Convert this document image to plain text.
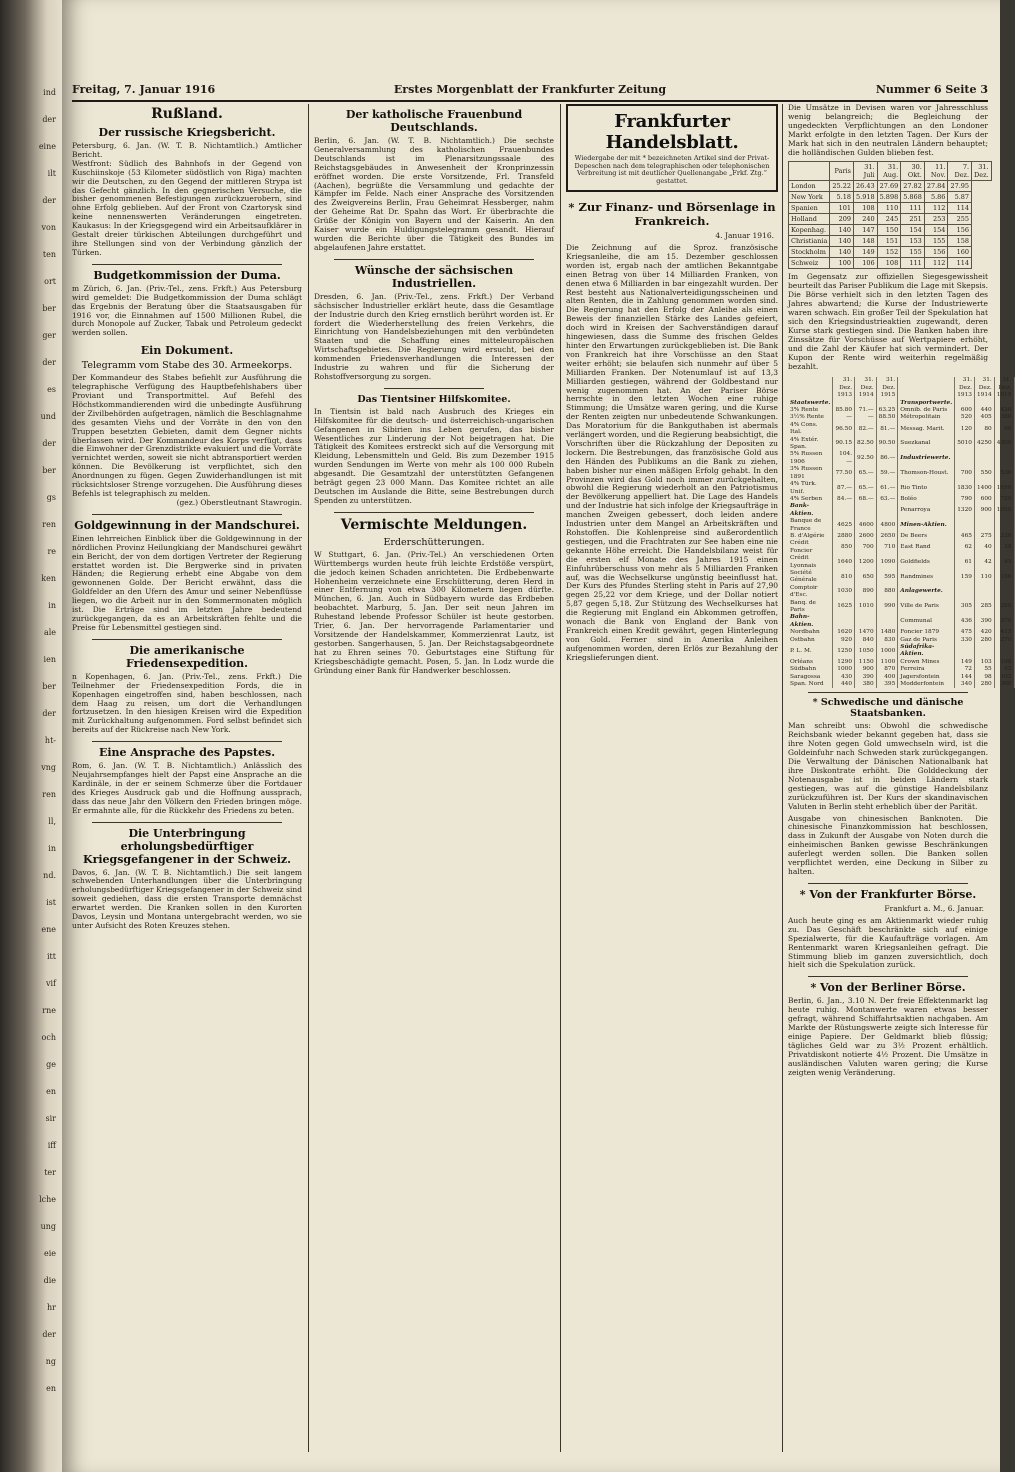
ind
der
eine
ilt
der
von
ten
ort
ber
ger
der
es
und
der
ber
gs
ren
re
ken
in
ale
ien
ber
der
ht-
vng
ren
ll,
in
nd.
ist
ene
itt
vif
rne
och
ge
en
sir
iff
ter
lche
ung
eie
die
hr
der
ng
en
Freitag, 7. Januar 1916	Erstes Morgenblatt der Frankfurter Zeitung	Nummer 6 Seite 3
Rußland.
Der russische Kriegsbericht.
Petersburg, 6. Jan. (W. T. B. Nichtamtlich.) Amtlicher Bericht.
Westfront: Südlich des Bahnhofs in der Gegend von Kuschiinskoje (53 Kilometer südöstlich von Riga) machten wir die Deutschen, zu den Gegend der mittleren Strypa ist das Gefecht gänzlich. In den gegnerischen Versuche, die bisher genommenen Befestigungen zurückzuerobern, sind ohne Erfolg geblieben. Auf der Front von Czartorysk sind keine nennenswerten Veränderungen eingetreten. Kaukasus: In der Kriegsgegend wird ein Arbeitsaufklärer in Gestalt dreier türkischen Abteilungen durchgeführt und ihre Stellungen sind von der Verbindung gänzlich der Türken.
Budgetkommission der Duma.
m Zürich, 6. Jan. (Priv.-Tel., zens. Frkft.) Aus Petersburg wird gemeldet: Die Budgetkommission der Duma schlägt das Ergebnis der Beratung über die Staatsausgaben für 1916 vor, die Einnahmen auf 1500 Millionen Rubel, die durch Monopole auf Zucker, Tabak und Petroleum gedeckt werden sollen.
Ein Dokument.
Telegramm vom Stabe des 30. Armeekorps.
Der Kommandeur des Stabes befiehlt zur Ausführung die telegraphische Verfügung des Hauptbefehlshabers über Proviant und Transportmittel. Auf Befehl des Höchstkommandierenden wird die unbedingte Ausführung der Zivilbehörden aufgetragen, nämlich die Beschlagnahme des gesamten Viehs und der Vorräte in den von den Truppen besetzten Gebieten, damit dem Gegner nichts überlassen wird. Der Kommandeur des Korps verfügt, dass die Einwohner der Grenzdistrikte evakuiert und die Vorräte vernichtet werden, soweit sie nicht abtransportiert werden können. Die Bevölkerung ist verpflichtet, sich den Anordnungen zu fügen. Gegen Zuwiderhandlungen ist mit rücksichtsloser Strenge vorzugehen. Die Ausführung dieses Befehls ist telegraphisch zu melden.
(gez.) Oberstleutnant Stawrogin.
Goldgewinnung in der Mandschurei.
Einen lehrreichen Einblick über die Goldgewinnung in der nördlichen Provinz Heilungkiang der Mandschurei gewährt ein Bericht, der von dem dortigen Vertreter der Regierung erstattet worden ist. Die Bergwerke sind in privaten Händen; die Regierung erhebt eine Abgabe von dem gewonnenen Golde. Der Bericht erwähnt, dass die Goldfelder an den Ufern des Amur und seiner Nebenflüsse liegen, wo die Arbeit nur in den Sommermonaten möglich ist. Die Erträge sind im letzten Jahre bedeutend zurückgegangen, da es an Arbeitskräften fehlte und die Preise für Lebensmittel gestiegen sind.
Die amerikanische Friedensexpedition.
n Kopenhagen, 6. Jan. (Priv.-Tel., zens. Frkft.) Die Teilnehmer der Friedensexpedition Fords, die in Kopenhagen eingetroffen sind, haben beschlossen, nach dem Haag zu reisen, um dort die Verhandlungen fortzusetzen. In den hiesigen Kreisen wird die Expedition mit Zurückhaltung aufgenommen. Ford selbst befindet sich bereits auf der Rückreise nach New York.
Eine Ansprache des Papstes.
Rom, 6. Jan. (W. T. B. Nichtamtlich.) Anlässlich des Neujahrsempfanges hielt der Papst eine Ansprache an die Kardinäle, in der er seinem Schmerze über die Fortdauer des Krieges Ausdruck gab und die Hoffnung aussprach, dass das neue Jahr den Völkern den Frieden bringen möge. Er ermahnte alle, für die Rückkehr des Friedens zu beten.
Die Unterbringung erholungsbedürftiger Kriegsgefangener in der Schweiz.
Davos, 6. Jan. (W. T. B. Nichtamtlich.) Die seit langem schwebenden Unterhandlungen über die Unterbringung erholungsbedürftiger Kriegsgefangener in der Schweiz sind soweit gediehen, dass die ersten Transporte demnächst erwartet werden. Die Kranken sollen in den Kurorten Davos, Leysin und Montana untergebracht werden, wo sie unter Aufsicht des Roten Kreuzes stehen.
Der katholische Frauenbund Deutschlands.
Berlin, 6. Jan. (W. T. B. Nichtamtlich.) Die sechste Generalversammlung des katholischen Frauenbundes Deutschlands ist im Plenarsitzungssaale des Reichstagsgebäudes in Anwesenheit der Kronprinzessin eröffnet worden. Die erste Vorsitzende, Frl. Transfeld (Aachen), begrüßte die Versammlung und gedachte der Kämpfer im Felde. Nach einer Ansprache des Vorsitzenden des Zweigvereins Berlin, Frau Geheimrat Hessberger, nahm der Geheime Rat Dr. Spahn das Wort. Er überbrachte die Grüße der Königin von Bayern und der Kaiserin. An den Kaiser wurde ein Huldigungstelegramm gesandt. Hierauf wurden die Berichte über die Tätigkeit des Bundes im abgelaufenen Jahre erstattet.
Wünsche der sächsischen Industriellen.
Dresden, 6. Jan. (Priv.-Tel., zens. Frkft.) Der Verband sächsischer Industrieller erklärt heute, dass die Gesamtlage der Industrie durch den Krieg ernstlich berührt worden ist. Er fordert die Wiederherstellung des freien Verkehrs, die Einrichtung von Handelsbeziehungen mit den verbündeten Staaten und die Schaffung eines mitteleuropäischen Wirtschaftsgebietes. Die Regierung wird ersucht, bei den kommenden Friedensverhandlungen die Interessen der Industrie zu wahren und für die Sicherung der Rohstoffversorgung zu sorgen.
Das Tientsiner Hilfskomitee.
In Tientsin ist bald nach Ausbruch des Krieges ein Hilfskomitee für die deutsch- und österreichisch-ungarischen Gefangenen in Sibirien ins Leben gerufen, das bisher Wesentliches zur Linderung der Not beigetragen hat. Die Tätigkeit des Komitees erstreckt sich auf die Versorgung mit Kleidung, Lebensmitteln und Geld. Bis zum Dezember 1915 wurden Sendungen im Werte von mehr als 100 000 Rubeln abgesandt. Die Gesamtzahl der unterstützten Gefangenen beträgt gegen 23 000 Mann. Das Komitee richtet an alle Deutschen im Auslande die Bitte, seine Bestrebungen durch Spenden zu unterstützen.
Vermischte Meldungen.
Erderschütterungen.
W Stuttgart, 6. Jan. (Priv.-Tel.) An verschiedenen Orten Württembergs wurden heute früh leichte Erdstöße verspürt, die jedoch keinen Schaden anrichteten. Die Erdbebenwarte Hohenheim verzeichnete eine Erschütterung, deren Herd in einer Entfernung von etwa 300 Kilometern liegen dürfte. München, 6. Jan. Auch in Südbayern wurde das Erdbeben beobachtet. Marburg, 5. Jan. Der seit neun Jahren im Ruhestand lebende Professor Schüler ist heute gestorben. Trier, 6. Jan. Der hervorragende Parlamentarier und Vorsitzende der Handelskammer, Kommerzienrat Lautz, ist gestorben. Sangerhausen, 5. Jan. Der Reichstagsabgeordnete hat zu Ehren seines 70. Geburtstages eine Stiftung für Kriegsbeschädigte gemacht. Posen, 5. Jan. In Lodz wurde die Gründung einer Bank für Handwerker beschlossen.
Frankfurter Handelsblatt.
Wiedergabe der mit * bezeichneten Artikel sind der Privat-Depeschen nach dem telegraphischen oder telephonischen Verbreitung ist mit deutlicher Quellenangabe „Frkf. Ztg.“ gestattet.
* Zur Finanz- und Börsenlage in Frankreich.
4. Januar 1916.
Die Zeichnung auf die Sproz. französische Kriegsanleihe, die am 15. Dezember geschlossen worden ist, ergab nach der amtlichen Bekanntgabe einen Betrag von über 14 Milliarden Franken, von denen etwa 6 Milliarden in bar eingezahlt wurden. Der Rest besteht aus Nationalverteidigungsscheinen und alten Renten, die in Zahlung genommen worden sind. Die Regierung hat den Erfolg der Anleihe als einen Beweis der finanziellen Stärke des Landes gefeiert, doch wird in Kreisen der Sachverständigen darauf hingewiesen, dass die Summe des frischen Geldes hinter den Erwartungen zurückgeblieben ist. Die Bank von Frankreich hat ihre Vorschüsse an den Staat weiter erhöht; sie belaufen sich nunmehr auf über 5 Milliarden Franken. Der Notenumlauf ist auf 13,3 Milliarden gestiegen, während der Goldbestand nur wenig zugenommen hat. An der Pariser Börse herrschte in den letzten Wochen eine ruhige Stimmung; die Umsätze waren gering, und die Kurse der Renten zeigten nur unbedeutende Schwankungen. Das Moratorium für die Bankguthaben ist abermals verlängert worden, und die Regierung beabsichtigt, die Vorschriften über die Rückzahlung der Depositen zu lockern. Die Bestrebungen, das französische Gold aus den Händen des Publikums an die Bank zu ziehen, haben bisher nur einen mäßigen Erfolg gehabt. In den Provinzen wird das Gold noch immer zurückgehalten, obwohl die Regierung wiederholt an den Patriotismus der Bevölkerung appelliert hat. Die Lage des Handels und der Industrie hat sich infolge der Kriegsaufträge in manchen Zweigen gebessert, doch leiden andere Industrien unter dem Mangel an Arbeitskräften und Rohstoffen. Die Kohlenpreise sind außerordentlich gestiegen, und die Frachtraten zur See haben eine nie gekannte Höhe erreicht. Die Handelsbilanz weist für die ersten elf Monate des Jahres 1915 einen Einfuhrüberschuss von mehr als 5 Milliarden Franken auf, was die Wechselkurse ungünstig beeinflusst hat. Der Kurs des Pfundes Sterling steht in Paris auf 27,90 gegen 25,22 vor dem Kriege, und der Dollar notiert 5,87 gegen 5,18. Zur Stützung des Wechselkurses hat die Regierung mit England ein Abkommen getroffen, wonach die Bank von England der Bank von Frankreich einen Kredit gewährt, gegen Hinterlegung von Gold. Ferner sind in Amerika Anleihen aufgenommen worden, deren Erlös zur Bezahlung der Kriegslieferungen dient.
Die Umsätze in Devisen waren vor Jahresschluss wenig belangreich; die Begleichung der ungedeckten Verpflichtungen an den Londoner Markt erfolgte in den letzten Tagen. Der Kurs der Mark hat sich in den neutralen Ländern behauptet; die holländischen Gulden blieben fest.
	Paris	31. Juli	31. Aug.	30. Okt.	11. Nov.	7. Dez.	31. Dez.
London	25.22	26.43	27.69	27.82	27.84	27.95	
New York	5.18	5.918	5.898	5.868	5.86	5.87	
Spanien	101	108	110	111	112	114	
Holland	209	240	245	251	253	255	
Kopenhag.	140	147	150	154	154	156	
Christiania	140	148	151	153	155	158	
Stockholm	140	149	152	155	156	160	
Schweiz	100	106	108	111	112	114	
Im Gegensatz zur offiziellen Siegesgewissheit beurteilt das Pariser Publikum die Lage mit Skepsis. Die Börse verhielt sich in den letzten Tagen des Jahres abwartend; die Kurse der Industriewerte waren schwach. Ein großer Teil der Spekulation hat sich den Kriegsindustrieaktien zugewandt, deren Kurse stark gestiegen sind. Die Banken haben ihre Zinssätze für Vorschüsse auf Wertpapiere erhöht, und die Zahl der Käufer hat sich vermindert. Der Kupon der Rente wird weiterhin regelmäßig bezahlt.
	31. Dez. 1913	31. Dez. 1914	31. Dez. 1915		31. Dez. 1913	31. Dez. 1914	31. Dez. 1915
Staatswerte.				Transportwerte.			
3% Rente	85.80	71.—	63.25	Omnib. de Paris	600	440	420
3½% Rente	—	—	88.50	Métropolitain	520	405	380
4% Cons. Ital.	96.50	82.—	81.—	Messag. Marit.	120	80	90
4% Extér. Span.	90.15	82.50	90.50	Suezkanal	5010	4250	4300
5% Russen 1906	104.—	92.50	86.—	Industriewerte.			
3% Russen 1891	77.50	65.—	59.—	Thomson-Houst.	700	550	530
4% Türk. Unif.	87.—	65.—	61.—	Rio Tinto	1830	1400	1650
4% Serben	84.—	68.—	63.—	Boléo	790	600	720
Bank-Aktien.				Penarroya	1320	900	1050
Banque de France	4625	4600	4800	Minen-Aktien.			
B. d'Algérie	2880	2600	2650	De Beers	465	275	320
Crédit Foncier	850	700	710	East Rand	62	40	38
Crédit Lyonnais	1640	1200	1090	Goldfields	61	42	45
Société Générale	810	650	595	Randmines	159	110	106
Comptoir d'Esc.	1030	890	880	Anlagewerte.			
Banq. de Paris	1625	1010	990	Ville de Paris	305	285	280
Bahn-Aktien.				Communal	436	390	370
Nordbahn	1620	1470	1480	Foncier 1879	475	420	415
Ostbahn	920	840	830	Gaz de Paris	330	280	270
P. L. M.	1250	1050	1000	Südafrika-Aktien.			
Orléans	1290	1150	1100	Crown Mines	149	103	108
Südbahn	1000	900	870	Ferreira	72	55	52
Saragossa	430	390	400	Jagersfontein	144	98	102
Span. Nord	440	380	395	Modderfontein	340	280	300
* Schwedische und dänische Staatsbanken.
Man schreibt uns: Obwohl die schwedische Reichsbank wieder bekannt gegeben hat, dass sie ihre Noten gegen Gold umwechseln wird, ist die Goldeinfuhr nach Schweden stark zurückgegangen. Die Verwaltung der Dänischen Nationalbank hat ihre Diskontrate erhöht. Die Golddeckung der Notenausgabe ist in beiden Ländern stark gestiegen, was auf die günstige Handelsbilanz zurückzuführen ist. Der Kurs der skandinavischen Valuten in Berlin steht erheblich über der Parität.
Ausgabe von chinesischen Banknoten. Die chinesische Finanzkommission hat beschlossen, dass in Zukunft der Ausgabe von Noten durch die einheimischen Banken gewisse Beschränkungen auferlegt werden sollen. Die Banken sollen verpflichtet werden, eine Deckung in Silber zu halten.
* Von der Frankfurter Börse.
Frankfurt a. M., 6. Januar.
Auch heute ging es am Aktienmarkt wieder ruhig zu. Das Geschäft beschränkte sich auf einige Spezialwerte, für die Kaufaufträge vorlagen. Am Rentenmarkt waren Kriegsanleihen gefragt. Die Stimmung blieb im ganzen zuversichtlich, doch hielt sich die Spekulation zurück.
* Von der Berliner Börse.
Berlin, 6. Jan., 3.10 N. Der freie Effektenmarkt lag heute ruhig. Montanwerte waren etwas besser gefragt, während Schiffahrtsaktien nachgaben. Am Markte der Rüstungswerte zeigte sich Interesse für einige Papiere. Der Geldmarkt blieb flüssig; tägliches Geld war zu 3½ Prozent erhältlich. Privatdiskont notierte 4½ Prozent. Die Umsätze in ausländischen Valuten waren gering; die Kurse zeigten wenig Veränderung.
